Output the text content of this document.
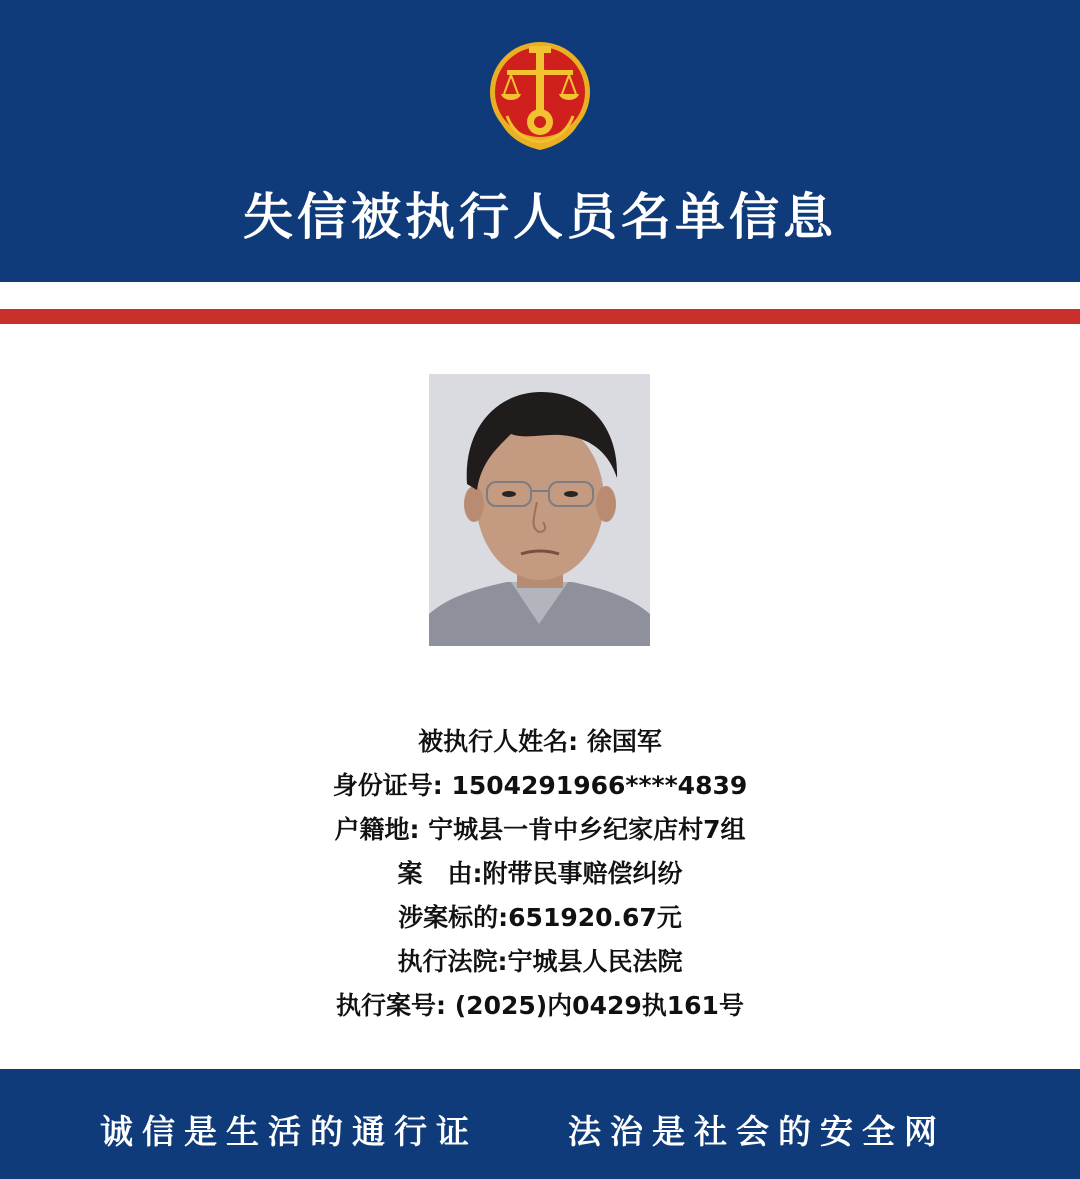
失信被执行人员名单信息
被执行人姓名: 徐国军
身份证号: 1504291966****4839
户籍地: 宁城县一肯中乡纪家店村7组
案　由:附带民事赔偿纠纷
涉案标的:651920.67元
执行法院:宁城县人民法院
执行案号: (2025)内0429执161号
诚信是生活的通行证	法治是社会的安全网
